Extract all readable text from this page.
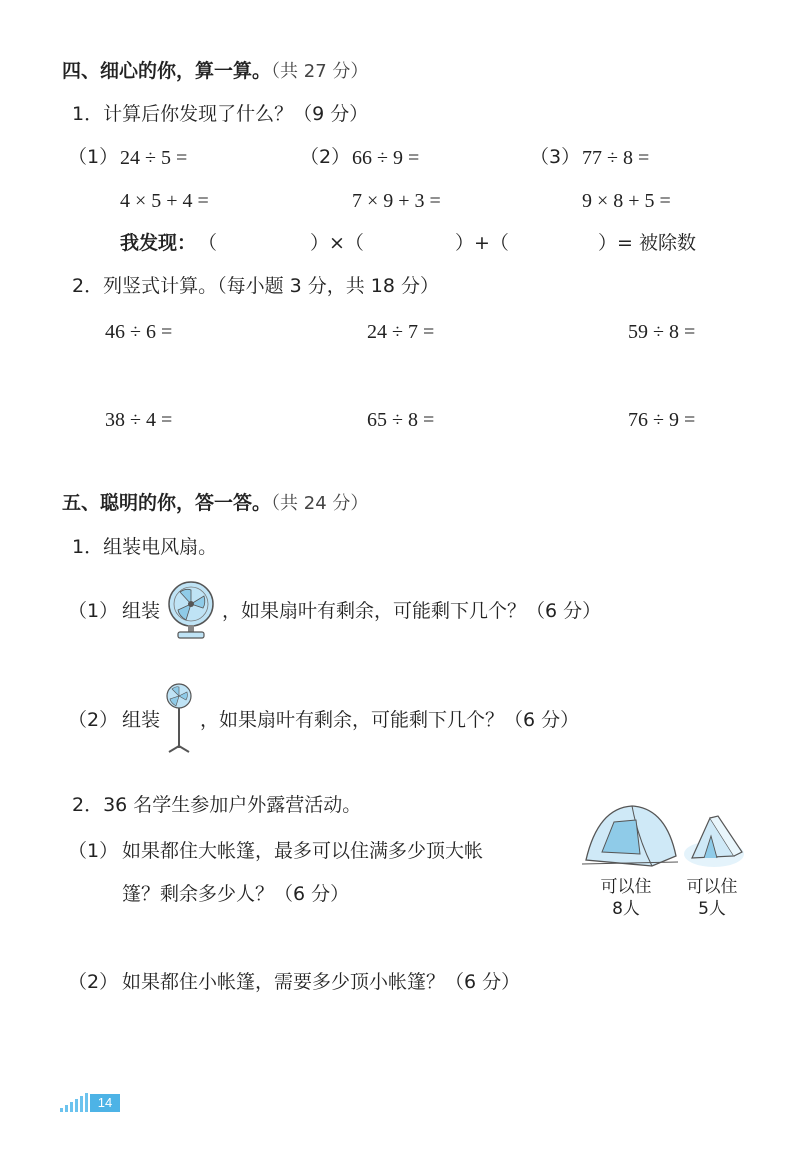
四、细心的你，算一算。（共 27 分）
1．计算后你发现了什么？（9 分）
（1） 24 ÷ 5 =	（2） 66 ÷ 9 =	（3） 77 ÷ 8 =
4 × 5 + 4 =	7 × 9 + 3 =	9 × 8 + 5 =
我发现： （	）×（	）+（	）= 被除数
2．列竖式计算。（每小题 3 分，共 18 分）
46 ÷ 6 =	24 ÷ 7 =	59 ÷ 8 =
38 ÷ 4 =	65 ÷ 8 =	76 ÷ 9 =
五、聪明的你，答一答。（共 24 分）
1．组装电风扇。
（1） 组装	，如果扇叶有剩余，可能剩下几个？（6 分）
（2） 组装 ，如果扇叶有剩余，可能剩下几个？（6 分）
2．36 名学生参加户外露营活动。
（1） 如果都住大帐篷，最多可以住满多少顶大帐
篷？剩余多少人？（6 分）	可以住
8人
可以住
5人
（2） 如果都住小帐篷，需要多少顶小帐篷？（6 分）
14
